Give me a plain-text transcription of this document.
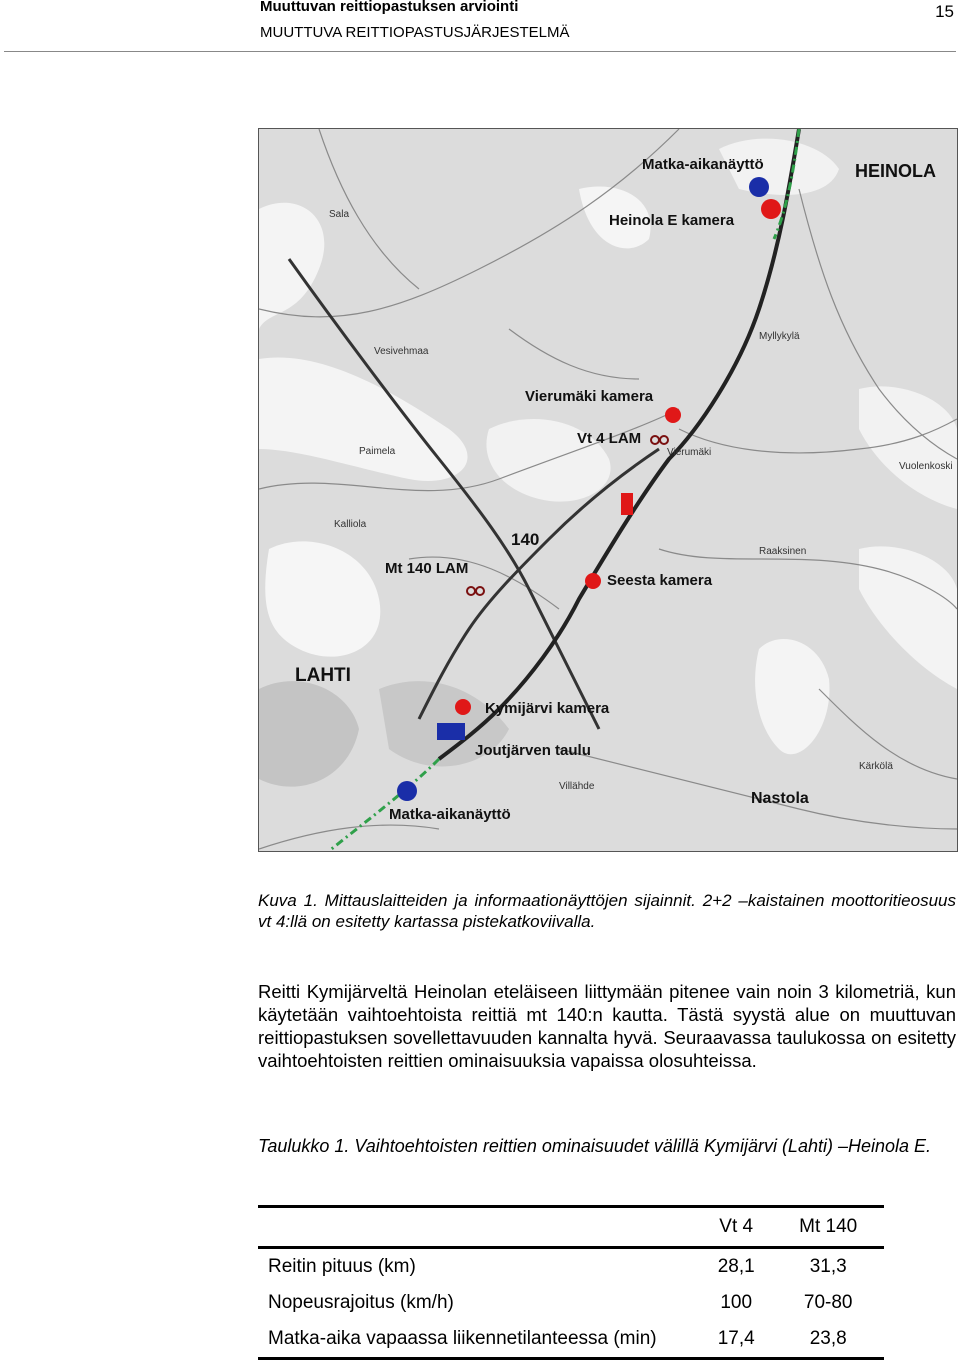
Muuttuvan reittiopastuksen arviointi
MUUTTUVA REITTIOPASTUSJÄRJESTELMÄ
15
Sala
Vesivehmaa
Paimela
Kalliola
Vierumäki
Myllykylä
Vuolenkoski
Raaksinen
Villähde
Kärkölä
Matka-aikanäyttö	HEINOLA
Heinola E kamera
Vierumäki kamera
Vt 4 LAM
140
Mt 140 LAM
Seesta kamera
LAHTI
Kymijärvi kamera
Joutjärven taulu
Nastola
Matka-aikanäyttö
Kuva 1. Mittauslaitteiden ja informaationäyttöjen sijainnit. 2+2 –kaistainen moottoritieosuus vt 4:llä on esitetty kartassa pistekatkoviivalla.
Reitti Kymijärveltä Heinolan eteläiseen liittymään pitenee vain noin 3 kilometriä, kun käytetään vaihtoehtoista reittiä mt 140:n kautta. Tästä syystä alue on muuttuvan reittiopastuksen sovellettavuuden kannalta hyvä. Seuraavassa taulukossa on esitetty vaihtoehtoisten reittien ominaisuuksia vapaissa olosuhteissa.
Taulukko 1. Vaihtoehtoisten reittien ominaisuudet välillä Kymijärvi (Lahti) –Heinola E.
	Vt 4	Mt 140
Reitin pituus (km)	28,1	31,3
Nopeusrajoitus (km/h)	100	70-80
Matka-aika vapaassa liikennetilanteessa (min)	17,4	23,8
